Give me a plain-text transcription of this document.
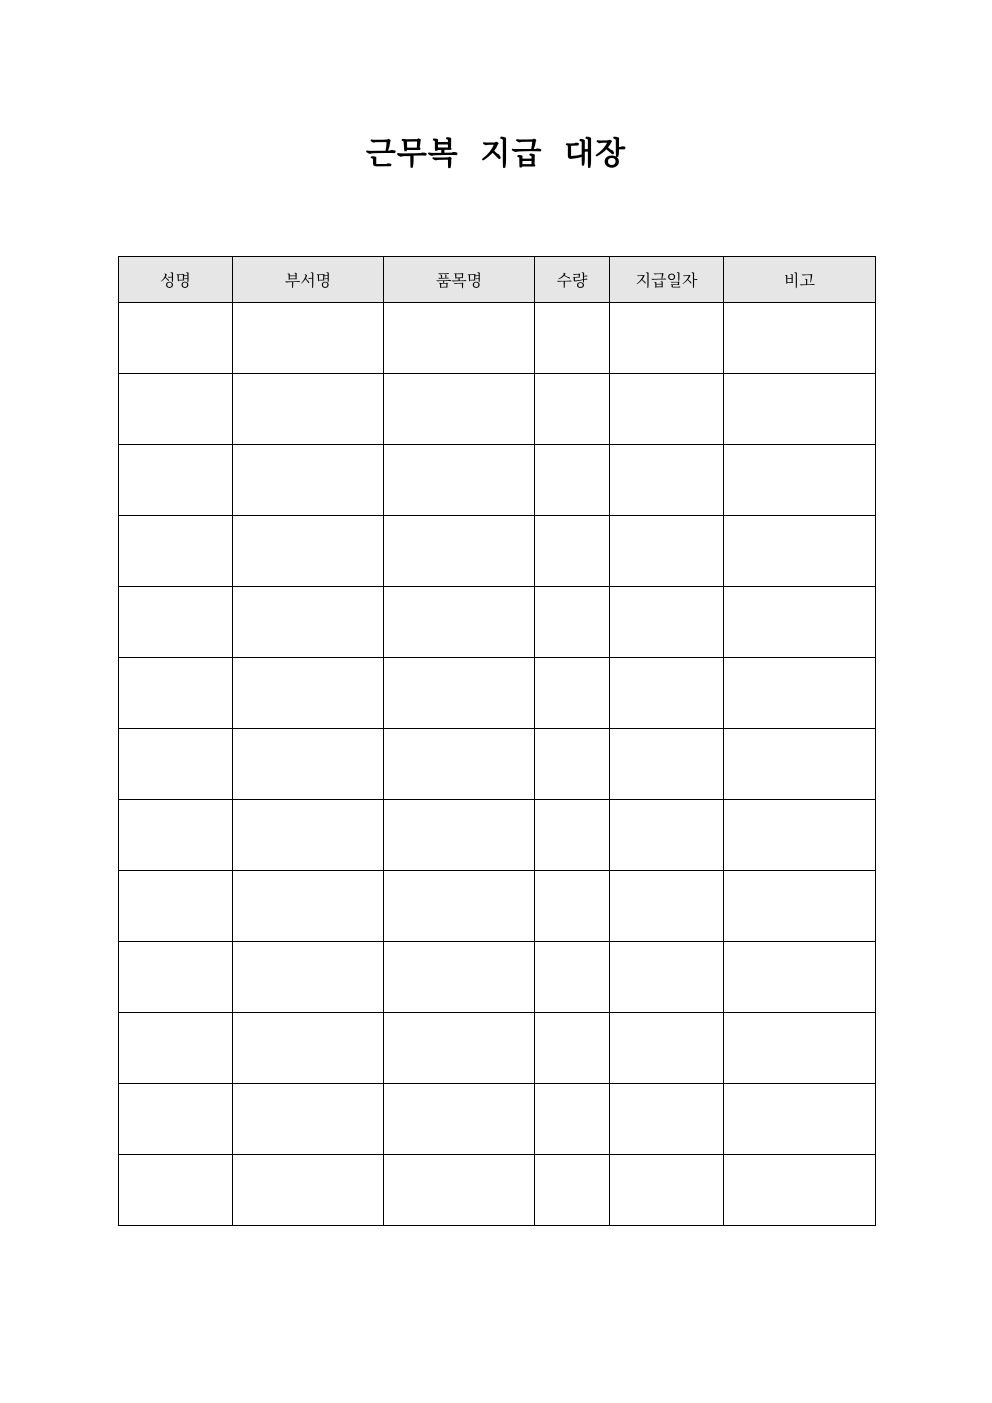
근무복 지급 대장
성명	부서명	품목명	수량	지급일자	비고
